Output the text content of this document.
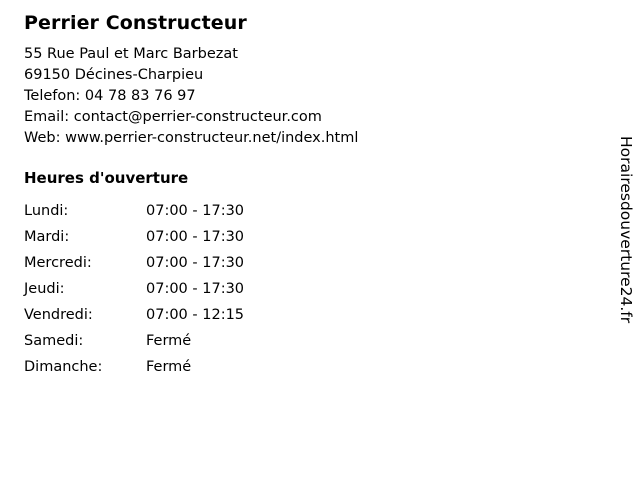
Perrier Constructeur
55 Rue Paul et Marc Barbezat
69150 Décines-Charpieu
Telefon: 04 78 83 76 97
Email: contact@perrier-constructeur.com
Web: www.perrier-constructeur.net/index.html
Heures d'ouverture
Lundi:	07:00 - 17:30
Mardi:	07:00 - 17:30
Mercredi:	07:00 - 17:30
Jeudi:	07:00 - 17:30
Vendredi:	07:00 - 12:15
Samedi:	Fermé
Dimanche:	Fermé
Horairesdouverture24.fr
